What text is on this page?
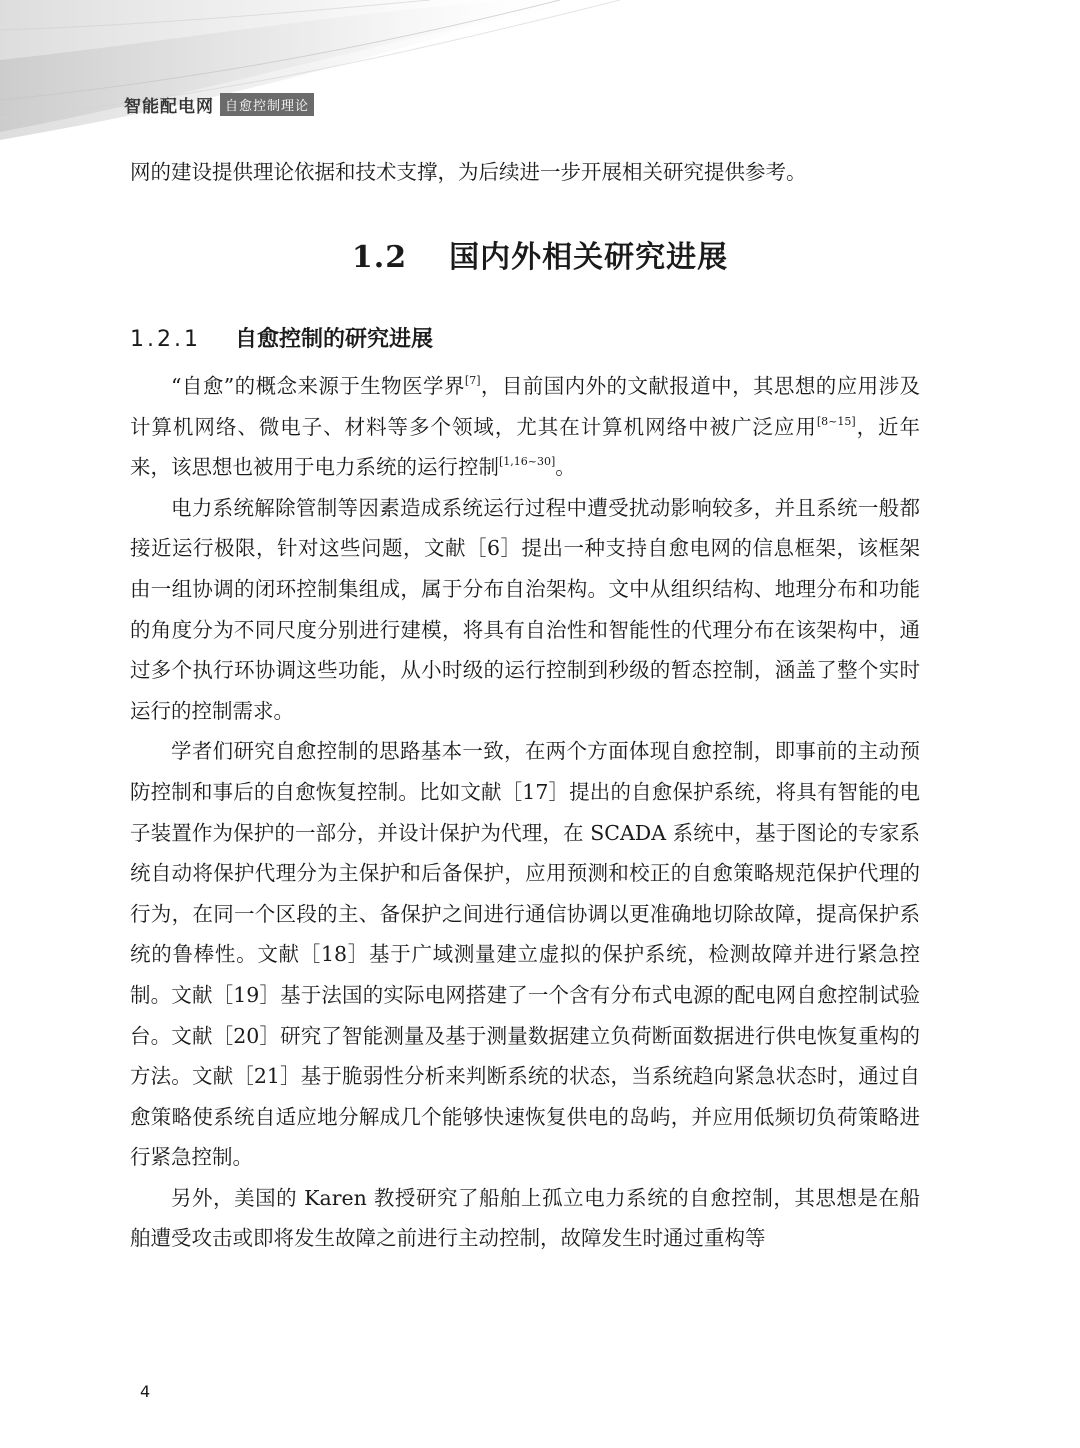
智能配电网 自愈控制理论
网的建设提供理论依据和技术支撑，为后续进一步开展相关研究提供参考。
1.2 国内外相关研究进展
1.2.1 自愈控制的研究进展

“自愈”的概念来源于生物医学界[7]，目前国内外的文献报道中，其思想的应用涉及计算机网络、微电子、材料等多个领域，尤其在计算机网络中被广泛应用[8~15]，近年来，该思想也被用于电力系统的运行控制[1,16~30]。

电力系统解除管制等因素造成系统运行过程中遭受扰动影响较多，并且系统一般都接近运行极限，针对这些问题，文献［6］提出一种支持自愈电网的信息框架，该框架由一组协调的闭环控制集组成，属于分布自治架构。文中从组织结构、地理分布和功能的角度分为不同尺度分别进行建模，将具有自治性和智能性的代理分布在该架构中，通过多个执行环协调这些功能，从小时级的运行控制到秒级的暂态控制，涵盖了整个实时运行的控制需求。

学者们研究自愈控制的思路基本一致，在两个方面体现自愈控制，即事前的主动预防控制和事后的自愈恢复控制。比如文献［17］提出的自愈保护系统，将具有智能的电子装置作为保护的一部分，并设计保护为代理，在 SCADA 系统中，基于图论的专家系统自动将保护代理分为主保护和后备保护，应用预测和校正的自愈策略规范保护代理的行为，在同一个区段的主、备保护之间进行通信协调以更准确地切除故障，提高保护系统的鲁棒性。文献［18］基于广域测量建立虚拟的保护系统，检测故障并进行紧急控制。文献［19］基于法国的实际电网搭建了一个含有分布式电源的配电网自愈控制试验台。文献［20］研究了智能测量及基于测量数据建立负荷断面数据进行供电恢复重构的方法。文献［21］基于脆弱性分析来判断系统的状态，当系统趋向紧急状态时，通过自愈策略使系统自适应地分解成几个能够快速恢复供电的岛屿，并应用低频切负荷策略进行紧急控制。

另外，美国的 Karen 教授研究了船舶上孤立电力系统的自愈控制，其思想是在船舶遭受攻击或即将发生故障之前进行主动控制，故障发生时通过重构等

4
